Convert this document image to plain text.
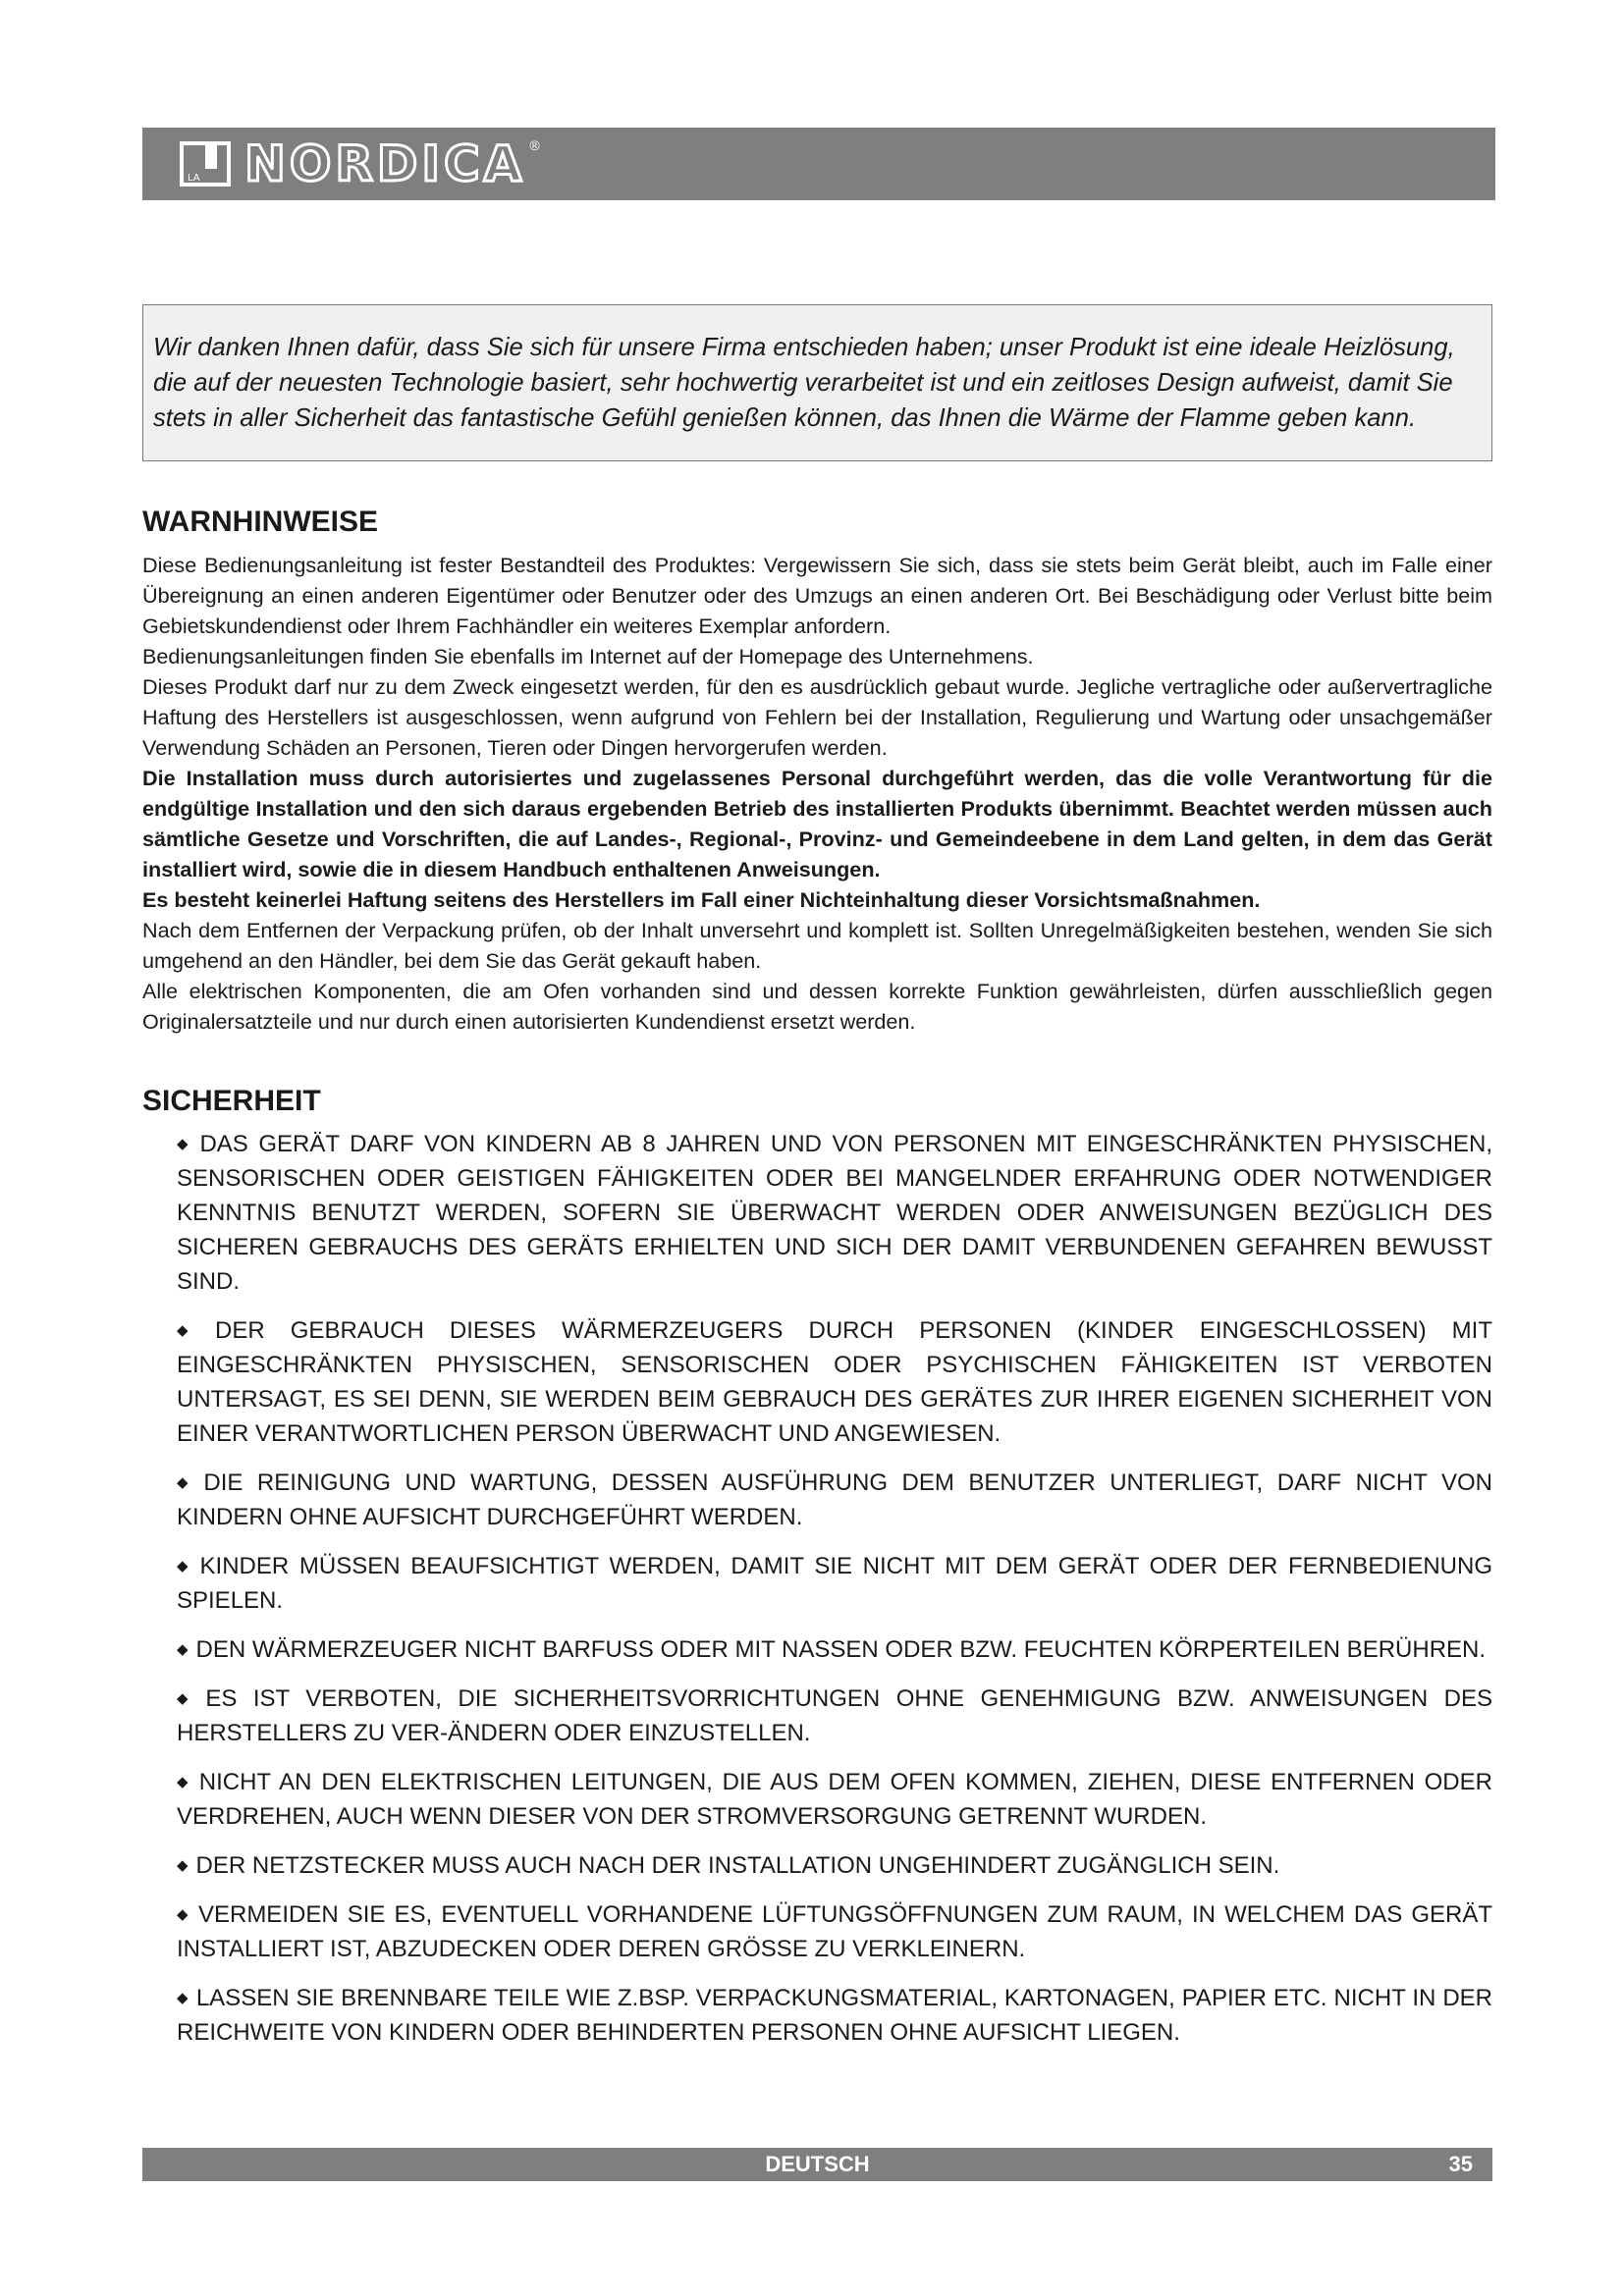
LA NORDICA ®
Wir danken Ihnen dafür, dass Sie sich für unsere Firma entschieden haben; unser Produkt ist eine ideale Heizlösung, die auf der neuesten Technologie basiert, sehr hochwertig verarbeitet ist und ein zeitloses Design aufweist, damit Sie stets in aller Sicherheit das fantastische Gefühl genießen können, das Ihnen die Wärme der Flamme geben kann.
WARNHINWEISE

Diese Bedienungsanleitung ist fester Bestandteil des Produktes: Vergewissern Sie sich, dass sie stets beim Gerät bleibt, auch im Falle einer Übereignung an einen anderen Eigentümer oder Benutzer oder des Umzugs an einen anderen Ort. Bei Beschädigung oder Verlust bitte beim Gebietskundendienst oder Ihrem Fachhändler ein weiteres Exemplar anfordern.

Bedienungsanleitungen finden Sie ebenfalls im Internet auf der Homepage des Unternehmens.

Dieses Produkt darf nur zu dem Zweck eingesetzt werden, für den es ausdrücklich gebaut wurde. Jegliche vertragliche oder außervertragliche Haftung des Herstellers ist ausgeschlossen, wenn aufgrund von Fehlern bei der Installation, Regulierung und Wartung oder unsachgemäßer Verwendung Schäden an Personen, Tieren oder Dingen hervorgerufen werden.

Die Installation muss durch autorisiertes und zugelassenes Personal durchgeführt werden, das die volle Verantwortung für die endgültige Installation und den sich daraus ergebenden Betrieb des installierten Produkts übernimmt. Beachtet werden müssen auch sämtliche Gesetze und Vorschriften, die auf Landes-, Regional-, Provinz- und Gemeindeebene in dem Land gelten, in dem das Gerät installiert wird, sowie die in diesem Handbuch enthaltenen Anweisungen.

Es besteht keinerlei Haftung seitens des Herstellers im Fall einer Nichteinhaltung dieser Vorsichtsmaßnahmen.

Nach dem Entfernen der Verpackung prüfen, ob der Inhalt unversehrt und komplett ist. Sollten Unregelmäßigkeiten bestehen, wenden Sie sich umgehend an den Händler, bei dem Sie das Gerät gekauft haben.

Alle elektrischen Komponenten, die am Ofen vorhanden sind und dessen korrekte Funktion gewährleisten, dürfen ausschließlich gegen Originalersatzteile und nur durch einen autorisierten Kundendienst ersetzt werden.

SICHERHEIT
◆ DAS GERÄT DARF VON KINDERN AB 8 JAHREN UND VON PERSONEN MIT EINGESCHRÄNKTEN PHYSISCHEN, SENSORISCHEN ODER GEISTIGEN FÄHIGKEITEN ODER BEI MANGELNDER ERFAHRUNG ODER NOTWENDIGER KENNTNIS BENUTZT WERDEN, SOFERN SIE ÜBERWACHT WERDEN ODER ANWEISUNGEN BEZÜGLICH DES SICHEREN GEBRAUCHS DES GERÄTS ERHIELTEN UND SICH DER DAMIT VERBUNDENEN GEFAHREN BEWUSST SIND.
◆ DER GEBRAUCH DIESES WÄRMERZEUGERS DURCH PERSONEN (KINDER EINGESCHLOSSEN) MIT EINGESCHRÄNKTEN PHYSISCHEN, SENSORISCHEN ODER PSYCHISCHEN FÄHIGKEITEN IST VERBOTEN UNTERSAGT, ES SEI DENN, SIE WERDEN BEIM GEBRAUCH DES GERÄTES ZUR IHRER EIGENEN SICHERHEIT VON EINER VERANTWORTLICHEN PERSON ÜBERWACHT UND ANGEWIESEN.
◆ DIE REINIGUNG UND WARTUNG, DESSEN AUSFÜHRUNG DEM BENUTZER UNTERLIEGT, DARF NICHT VON KINDERN OHNE AUFSICHT DURCHGEFÜHRT WERDEN.
◆ KINDER MÜSSEN BEAUFSICHTIGT WERDEN, DAMIT SIE NICHT MIT DEM GERÄT ODER DER FERNBEDIENUNG SPIELEN.
◆ DEN WÄRMERZEUGER NICHT BARFUSS ODER MIT NASSEN ODER BZW. FEUCHTEN KÖRPERTEILEN BERÜHREN.
◆ ES IST VERBOTEN, DIE SICHERHEITSVORRICHTUNGEN OHNE GENEHMIGUNG BZW. ANWEISUNGEN DES HERSTELLERS ZU VER-ÄNDERN ODER EINZUSTELLEN.
◆ NICHT AN DEN ELEKTRISCHEN LEITUNGEN, DIE AUS DEM OFEN KOMMEN, ZIEHEN, DIESE ENTFERNEN ODER VERDREHEN, AUCH WENN DIESER VON DER STROMVERSORGUNG GETRENNT WURDEN.
◆ DER NETZSTECKER MUSS AUCH NACH DER INSTALLATION UNGEHINDERT ZUGÄNGLICH SEIN.
◆ VERMEIDEN SIE ES, EVENTUELL VORHANDENE LÜFTUNGSÖFFNUNGEN ZUM RAUM, IN WELCHEM DAS GERÄT INSTALLIERT IST, ABZUDECKEN ODER DEREN GRÖSSE ZU VERKLEINERN.
◆ LASSEN SIE BRENNBARE TEILE WIE Z.BSP. VERPACKUNGSMATERIAL, KARTONAGEN, PAPIER ETC. NICHT IN DER REICHWEITE VON KINDERN ODER BEHINDERTEN PERSONEN OHNE AUFSICHT LIEGEN.
DEUTSCH	35
